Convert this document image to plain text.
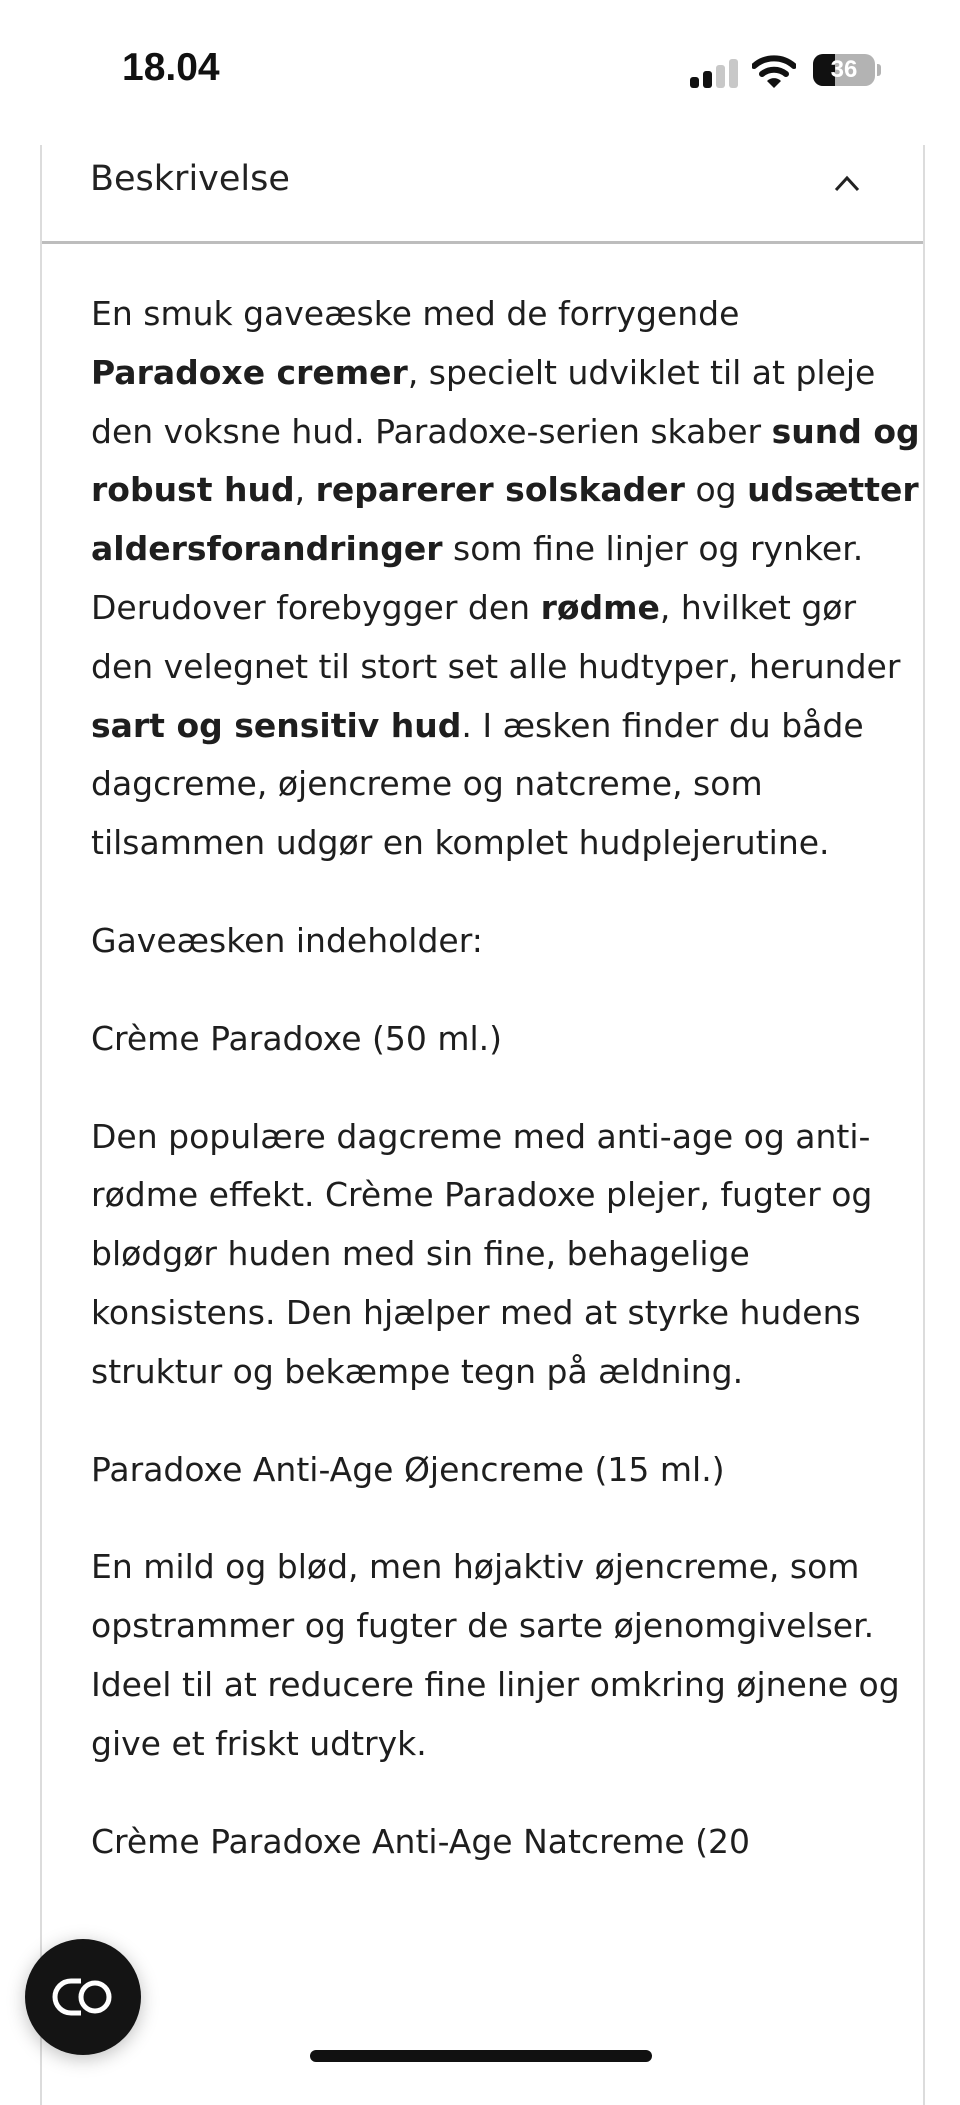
18.04	36
Beskrivelse

En smuk gaveæske med de forrygende Paradoxe cremer, specielt udviklet til at pleje den voksne hud. Paradoxe-serien skaber sund og robust hud, reparerer solskader og udsætter aldersforandringer som fine linjer og rynker. Derudover forebygger den rødme, hvilket gør den velegnet til stort set alle hudtyper, herunder sart og sensitiv hud. I æsken finder du både dagcreme, øjencreme og natcreme, som tilsammen udgør en komplet hudplejerutine.

Gaveæsken indeholder:

Crème Paradoxe (50 ml.)

Den populære dagcreme med anti-age og anti-rødme effekt. Crème Paradoxe plejer, fugter og blødgør huden med sin fine, behagelige konsistens. Den hjælper med at styrke hudens struktur og bekæmpe tegn på ældning.

Paradoxe Anti-Age Øjencreme (15 ml.)

En mild og blød, men højaktiv øjencreme, som opstrammer og fugter de sarte øjenomgivelser. Ideel til at reducere fine linjer omkring øjnene og give et friskt udtryk.

Crème Paradoxe Anti-Age Natcreme (20
